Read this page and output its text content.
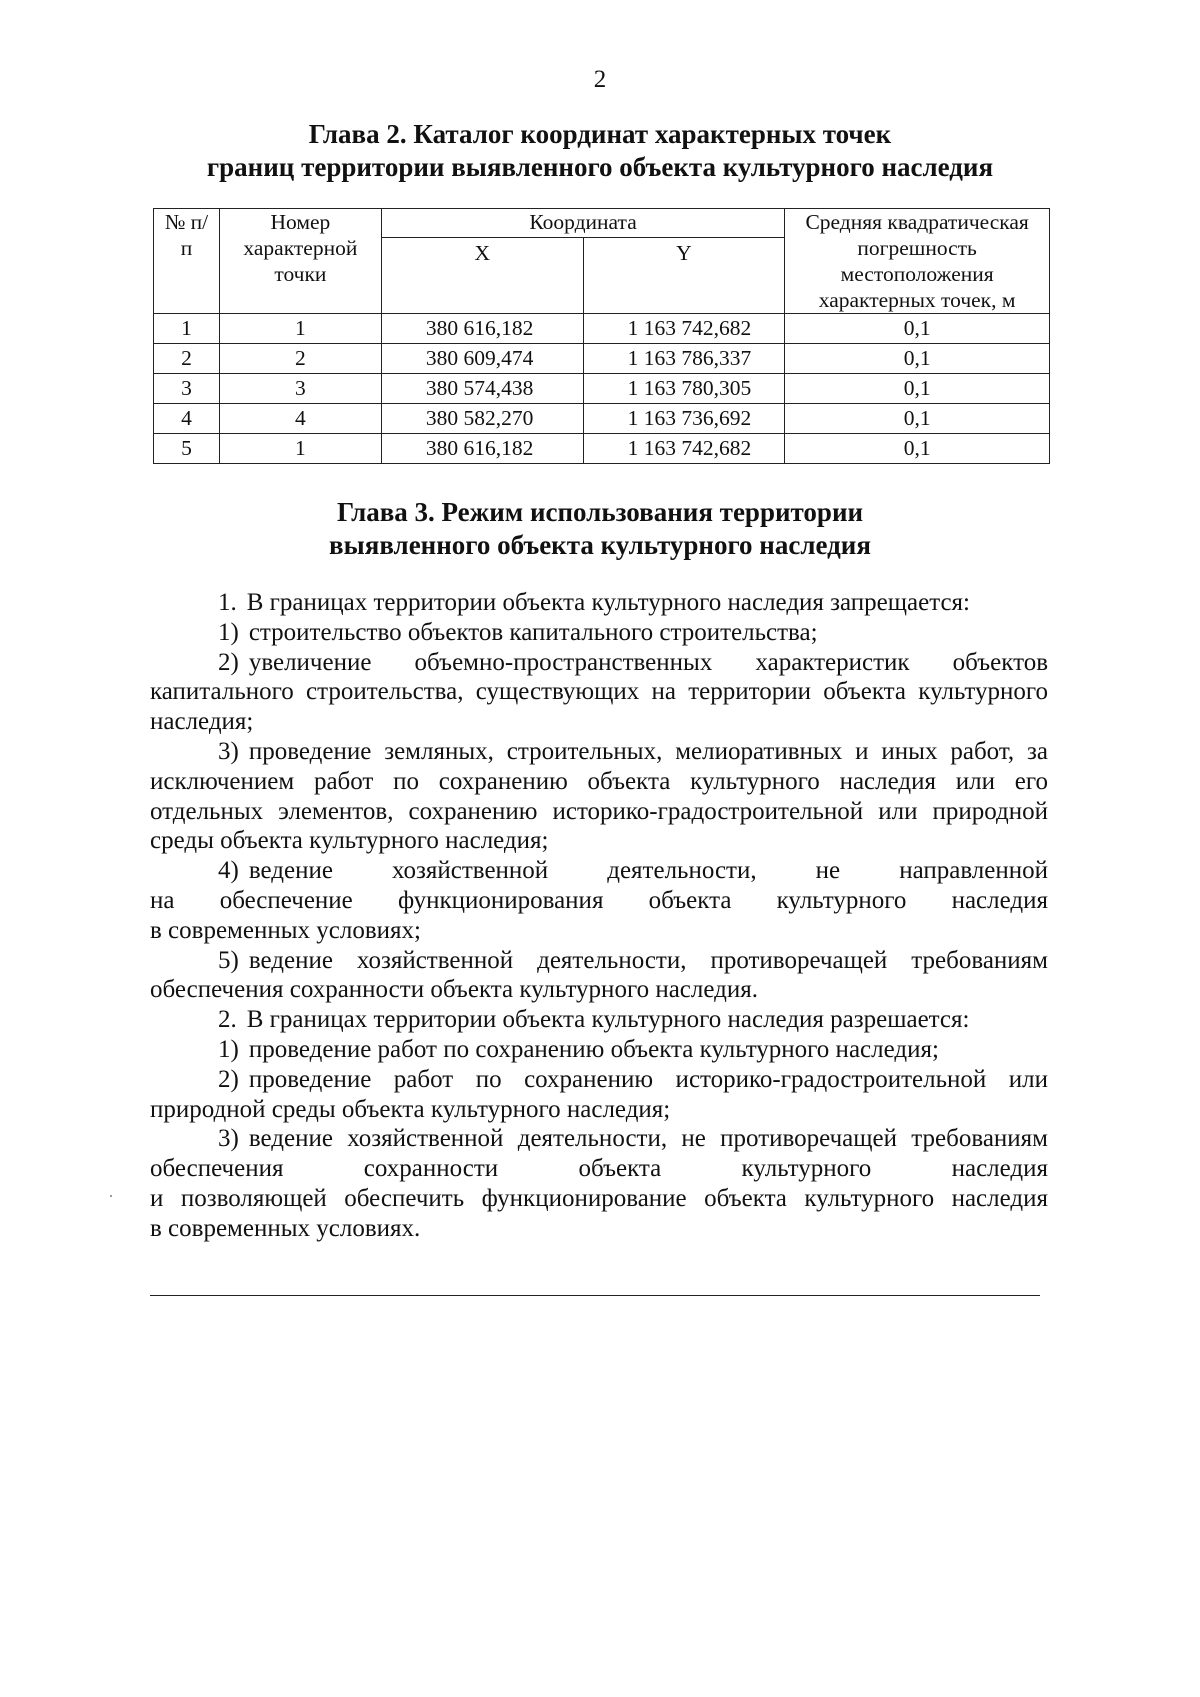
2
Глава 2. Каталог координат характерных точек
границ территории выявленного объекта культурного наследия
№ п/п	Номер характерной точки	Координата		Средняя квадратическая погрешность местоположения характерных точек, м
		X	Y	
1	1	380 616,182	1 163 742,682	0,1
2	2	380 609,474	1 163 786,337	0,1
3	3	380 574,438	1 163 780,305	0,1
4	4	380 582,270	1 163 736,692	0,1
5	1	380 616,182	1 163 742,682	0,1
Глава 3. Режим использования территории
выявленного объекта культурного наследия

1. В границах территории объекта культурного наследия запрещается:

1) строительство объектов капитального строительства;

2) увеличение объемно-пространственных характеристик объектов капитального строительства, существующих на территории объекта культурного наследия;

3) проведение земляных, строительных, мелиоративных и иных работ, за исключением работ по сохранению объекта культурного наследия или его отдельных элементов, сохранению историко-градостроительной или природной среды объекта культурного наследия;

4) ведение хозяйственной деятельности, не направленной

на обеспечение функционирования объекта культурного наследия

в современных условиях;

5) ведение хозяйственной деятельности, противоречащей требованиям обеспечения сохранности объекта культурного наследия.

2. В границах территории объекта культурного наследия разрешается:

1) проведение работ по сохранению объекта культурного наследия;

2) проведение работ по сохранению историко-градостроительной или природной среды объекта культурного наследия;

3) ведение хозяйственной деятельности, не противоречащей требованиям

обеспечения сохранности объекта культурного наследия

и позволяющей обеспечить функционирование объекта культурного наследия

в современных условиях.
